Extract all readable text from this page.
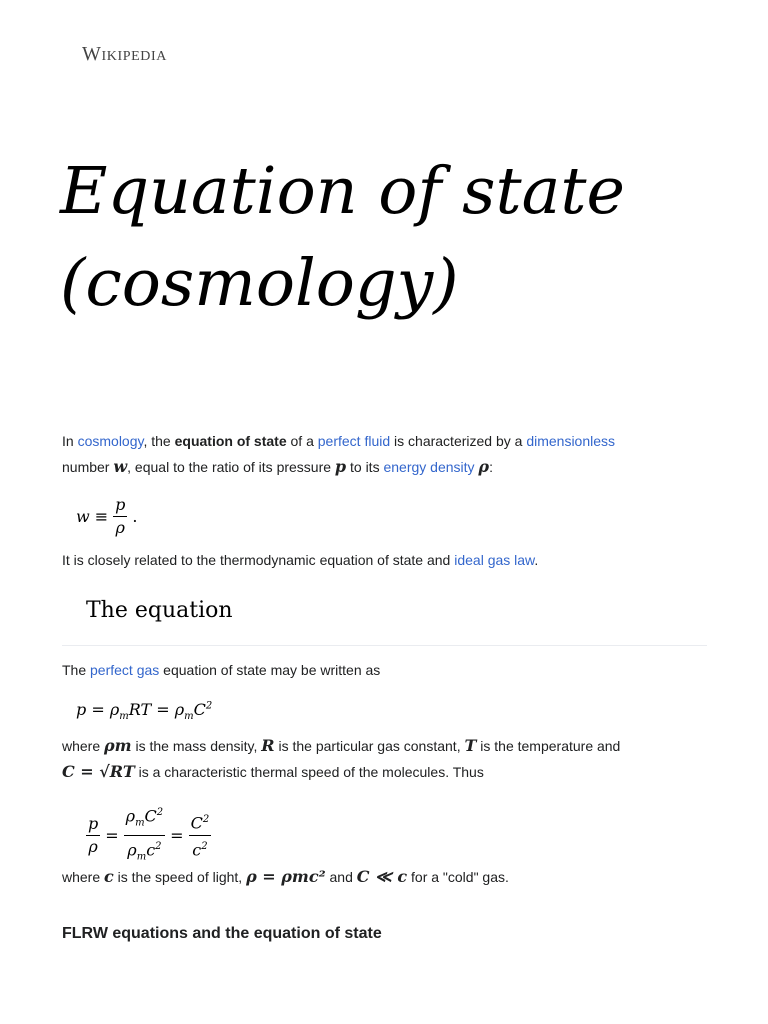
Wikipedia
Equation of state (cosmology)

In cosmology, the equation of state of a perfect fluid is characterized by a dimensionless
number w, equal to the ratio of its pressure p to its energy density ρ:

$w \equiv \frac{p}{\rho}$ .

It is closely related to the thermodynamic equation of state and ideal gas law.

The equation

The perfect gas equation of state may be written as

$p = \rho_mRT = \rho_mC^2$

where ρm is the mass density, R is the particular gas constant, T is the temperature and
C = √RT is a characteristic thermal speed of the molecules. Thus

$\frac{p}{\rho} = \frac{\rho_mC^2}{\rho_mc^2} = \frac{C^2}{c^2}$

where c is the speed of light, ρ = ρmc² and C ≪ c for a "cold" gas.

FLRW equations and the equation of state
